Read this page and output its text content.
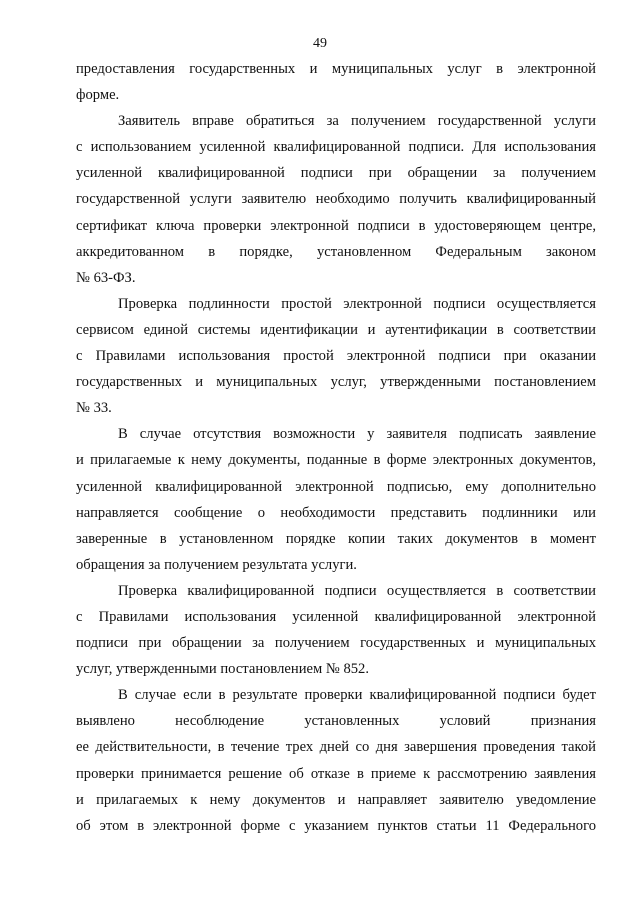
49
предоставления государственных и муниципальных услуг в электронной
форме.
Заявитель вправе обратиться за получением государственной услуги
с использованием усиленной квалифицированной подписи. Для использования
усиленной квалифицированной подписи при обращении за получением
государственной услуги заявителю необходимо получить квалифицированный
сертификат ключа проверки электронной подписи в удостоверяющем центре,
аккредитованном в порядке, установленном Федеральным законом
№ 63-ФЗ.
Проверка подлинности простой электронной подписи осуществляется
сервисом единой системы идентификации и аутентификации в соответствии
с Правилами использования простой электронной подписи при оказании
государственных и муниципальных услуг, утвержденными постановлением
№ 33.
В случае отсутствия возможности у заявителя подписать заявление
и прилагаемые к нему документы, поданные в форме электронных документов,
усиленной квалифицированной электронной подписью, ему дополнительно
направляется сообщение о необходимости представить подлинники или
заверенные в установленном порядке копии таких документов в момент
обращения за получением результата услуги.
Проверка квалифицированной подписи осуществляется в соответствии
с Правилами использования усиленной квалифицированной электронной
подписи при обращении за получением государственных и муниципальных
услуг, утвержденными постановлением № 852.
В случае если в результате проверки квалифицированной подписи будет
выявлено несоблюдение установленных условий признания
ее действительности, в течение трех дней со дня завершения проведения такой
проверки принимается решение об отказе в приеме к рассмотрению заявления
и прилагаемых к нему документов и направляет заявителю уведомление
об этом в электронной форме с указанием пунктов статьи 11 Федерального
